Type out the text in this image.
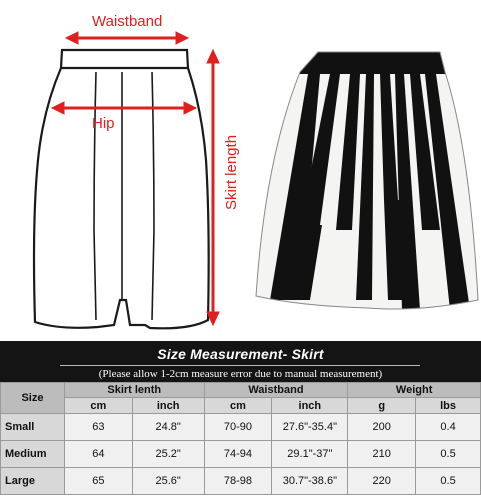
Waistband
Hip
Skirt length
Size Measurement- Skirt
(Please allow 1-2cm measure error due to manual measurement)
Size	Skirt lenth		Waistband		Weight	
	cm	inch	cm	inch	g	lbs
Small	63	24.8"	70-90	27.6"-35.4"	200	0.4
Medium	64	25.2"	74-94	29.1"-37"	210	0.5
Large	65	25.6"	78-98	30.7"-38.6"	220	0.5
